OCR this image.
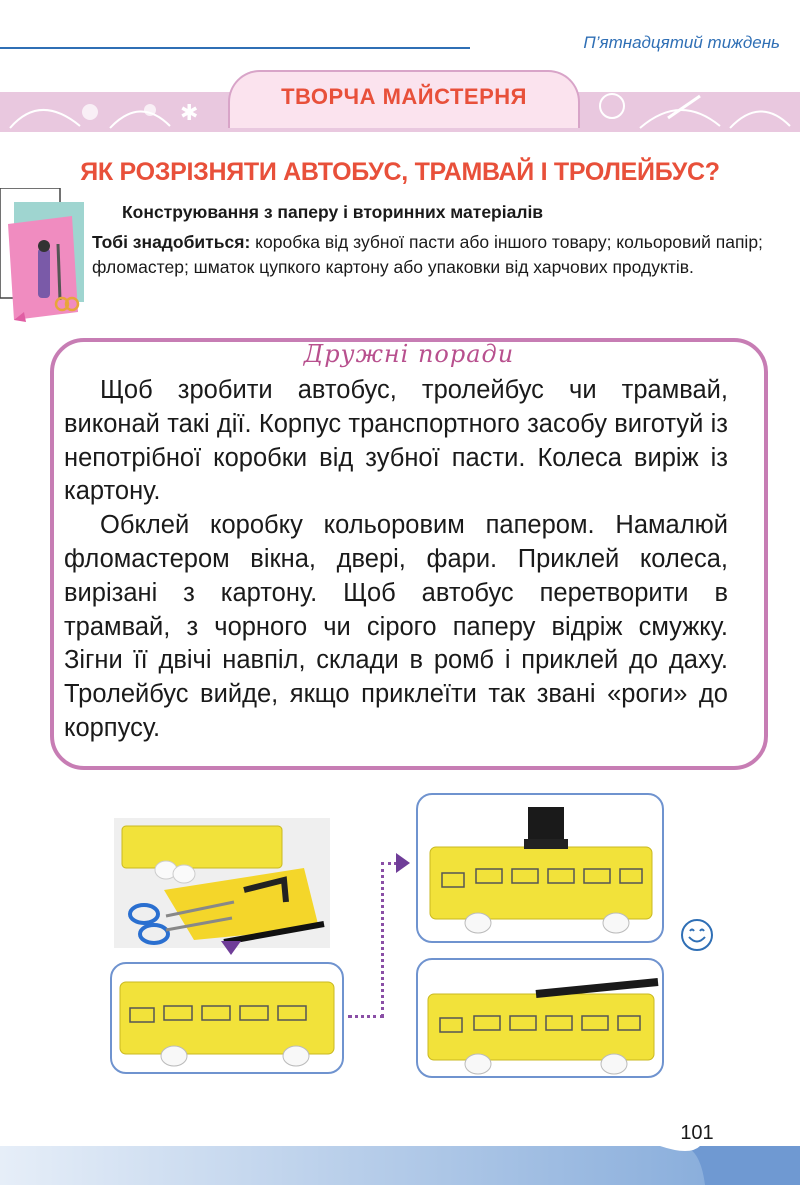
П’ятнадцятий тиждень
✱
ТВОРЧА МАЙСТЕРНЯ
ЯК РОЗРІЗНЯТИ АВТОБУС, ТРАМВАЙ І ТРОЛЕЙБУС?
Конструювання з паперу і вторинних матеріалів
Тобі знадобиться: коробка від зубної пасти або іншого товару; кольоровий папір; фломастер; шматок цупкого картону або упаковки від харчових продуктів.
Дружні поради

Щоб зробити автобус, тролейбус чи трамвай, виконай такі дії. Корпус транспортного засобу виготуй із непотрібної коробки від зубної пасти. Колеса виріж із картону.

Обклей коробку кольоровим папером. Намалюй фломастером вікна, двері, фари. Приклей колеса, вирізані з картону. Щоб автобус перетворити в трамвай, з чорного чи сірого паперу відріж смужку. Зігни її двічі навпіл, склади в ромб і приклей до даху. Тролейбус вийде, якщо приклеїти так звані «роги» до корпусу.

101
